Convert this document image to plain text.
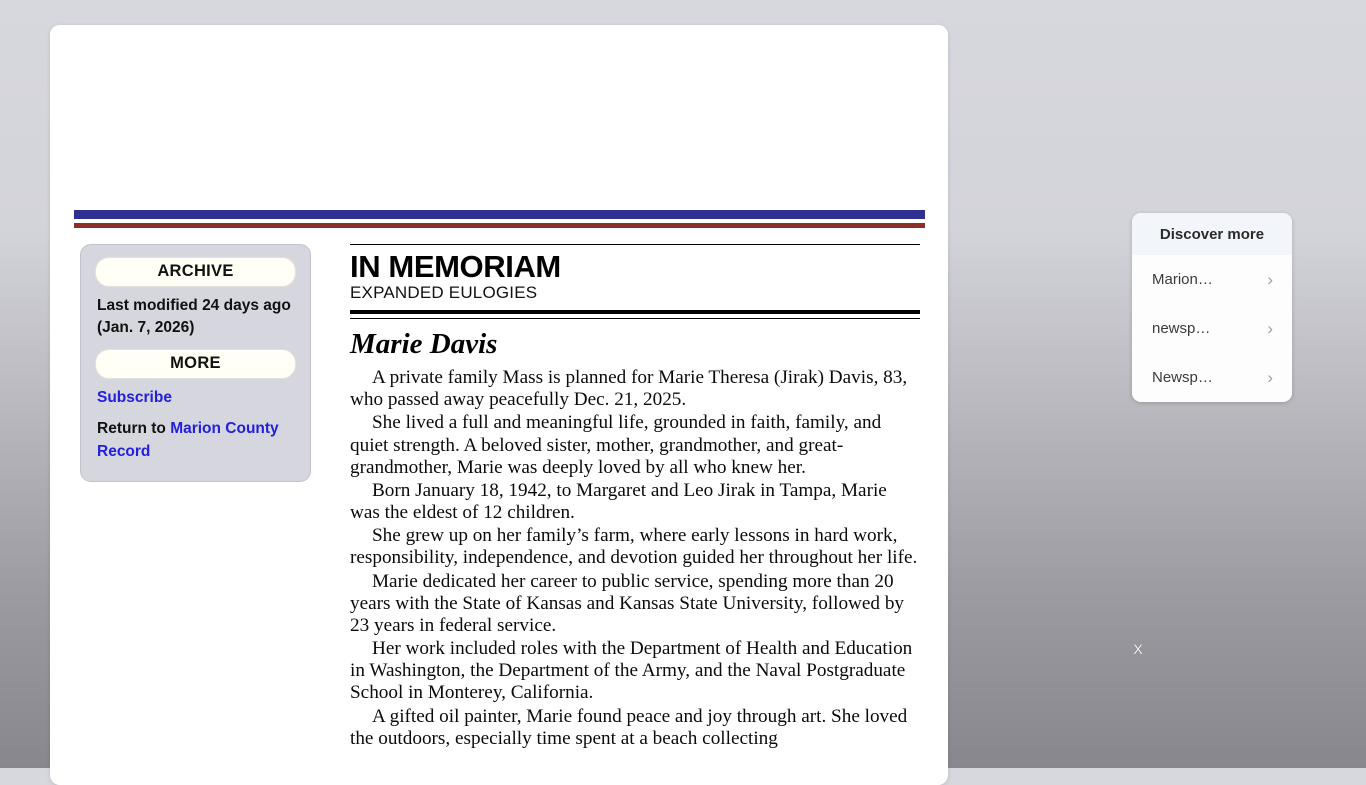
ARCHIVE
Last modified 24 days ago (Jan. 7, 2026)
MORE
Subscribe
Return to Marion County Record
IN MEMORIAM
EXPANDED EULOGIES
Marie Davis

A private family Mass is planned for Marie Theresa (Jirak) Davis, 83, who passed away peacefully Dec. 21, 2025.

She lived a full and meaningful life, grounded in faith, family, and quiet strength. A beloved sister, mother, grandmother, and great-grandmother, Marie was deeply loved by all who knew her.

Born January 18, 1942, to Margaret and Leo Jirak in Tampa, Marie was the eldest of 12 children.

She grew up on her family’s farm, where early lessons in hard work, responsibility, independence, and devotion guided her throughout her life.

Marie dedicated her career to public service, spending more than 20 years with the State of Kansas and Kansas State University, followed by 23 years in federal service.

Her work included roles with the Department of Health and Education in Washington, the Department of the Army, and the Naval Postgraduate School in Monterey, California.

A gifted oil painter, Marie found peace and joy through art. She loved the outdoors, especially time spent at a beach collecting

Discover more
Marion…	›
newsp…	›
Newsp…	›
X
